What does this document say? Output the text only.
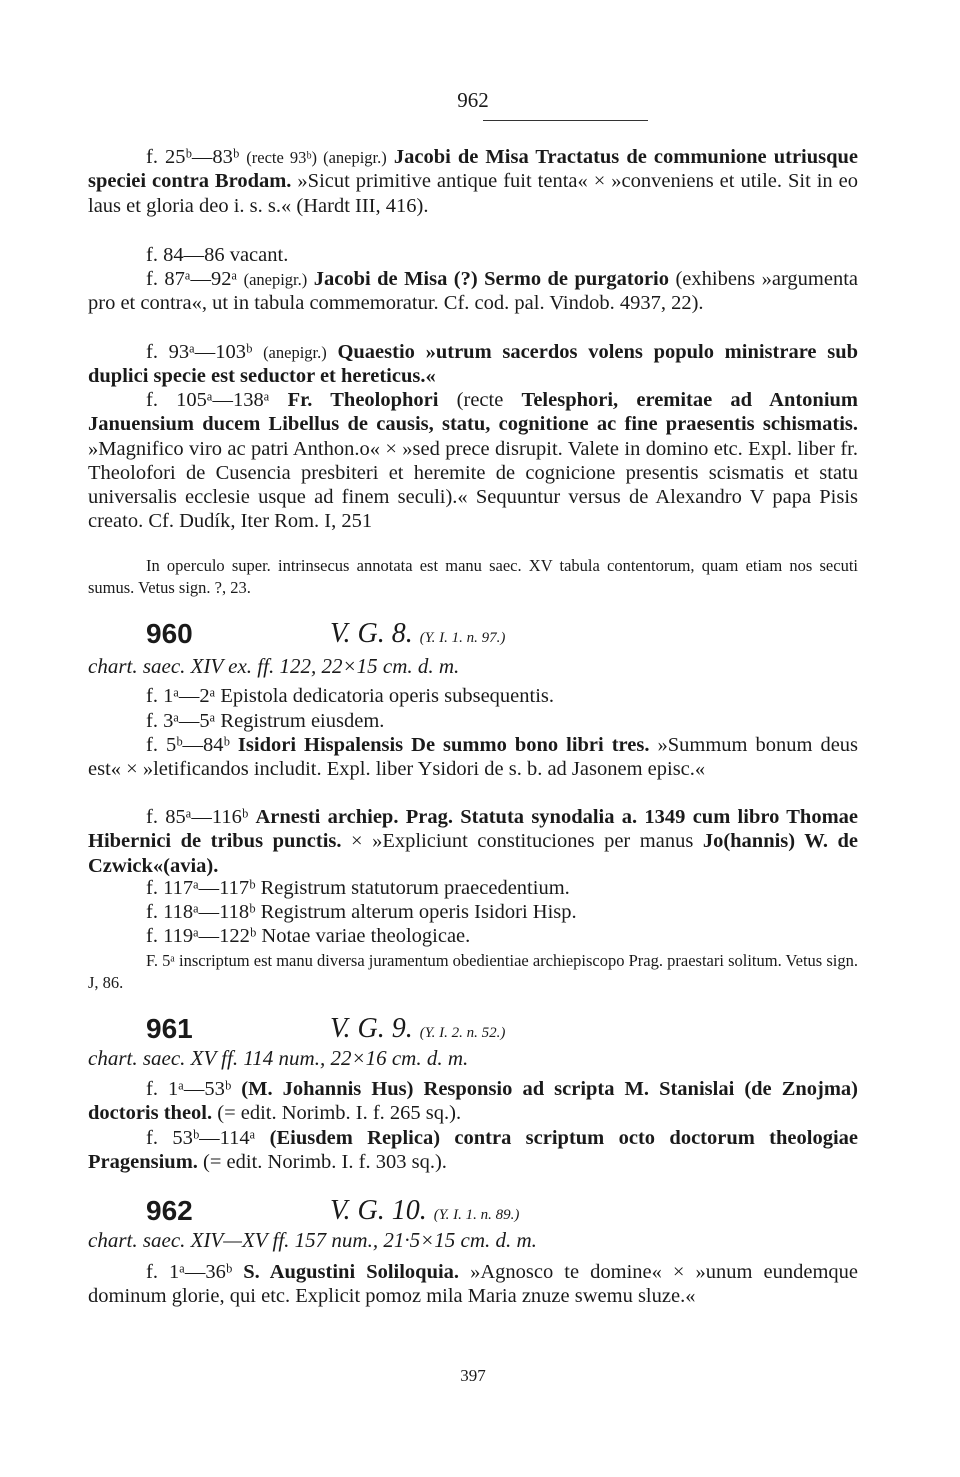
962
f. 25ᵇ—83ᵇ (recte 93ᵇ) (anepigr.) Jacobi de Misa Tractatus de communione utriusque speciei contra Brodam. »Sicut primitive antique fuit tenta« × »conveniens et utile. Sit in eo laus et gloria deo i. s. s.« (Hardt III, 416).
f. 84—86 vacant.
f. 87ᵃ—92ᵃ (anepigr.) Jacobi de Misa (?) Sermo de purgatorio (exhibens »argumenta pro et contra«, ut in tabula commemoratur. Cf. cod. pal. Vindob. 4937, 22).
f. 93ᵃ—103ᵇ (anepigr.) Quaestio »utrum sacerdos volens populo ministrare sub duplici specie est seductor et hereticus.«
f. 105ᵃ—138ᵃ Fr. Theolophori (recte Telesphori, eremitae ad Antonium Januensium ducem Libellus de causis, statu, cognitione ac fine praesentis schismatis. »Magnifico viro ac patri Anthon.o« × »sed prece disrupit. Valete in domino etc. Expl. liber fr. Theolofori de Cusencia presbiteri et heremite de cognicione presentis scismatis et statu universalis ecclesie usque ad finem seculi).« Sequuntur versus de Alexandro V papa Pisis creato. Cf. Dudík, Iter Rom. I, 251
In operculo super. intrinsecus annotata est manu saec. XV tabula contentorum, quam etiam nos secuti sumus. Vetus sign. ?, 23.
960	V. G. 8. (Y. I. 1. n. 97.)
chart. saec. XIV ex. ff. 122, 22×15 cm. d. m.
f. 1ᵃ—2ᵃ Epistola dedicatoria operis subsequentis.
f. 3ᵃ—5ᵃ Registrum eiusdem.
f. 5ᵇ—84ᵇ Isidori Hispalensis De summo bono libri tres. »Summum bonum deus est« × »letificandos includit. Expl. liber Ysidori de s. b. ad Jasonem episc.«
f. 85ᵃ—116ᵇ Arnesti archiep. Prag. Statuta synodalia a. 1349 cum libro Thomae Hibernici de tribus punctis. × »Expliciunt constituciones per manus Jo(hannis) W. de Czwick«(avia).
f. 117ᵃ—117ᵇ Registrum statutorum praecedentium.
f. 118ᵃ—118ᵇ Registrum alterum operis Isidori Hisp.
f. 119ᵃ—122ᵇ Notae variae theologicae.
F. 5ᵃ inscriptum est manu diversa juramentum obedientiae archiepiscopo Prag. praestari solitum. Vetus sign. J, 86.
961	V. G. 9. (Y. I. 2. n. 52.)
chart. saec. XV ff. 114 num., 22×16 cm. d. m.
f. 1ᵃ—53ᵇ (M. Johannis Hus) Responsio ad scripta M. Stanislai (de Znojma) doctoris theol. (= edit. Norimb. I. f. 265 sq.).
f. 53ᵇ—114ᵃ (Eiusdem Replica) contra scriptum octo doctorum theologiae Pragensium. (= edit. Norimb. I. f. 303 sq.).
962	V. G. 10. (Y. I. 1. n. 89.)
chart. saec. XIV—XV ff. 157 num., 21·5×15 cm. d. m.
f. 1ᵃ—36ᵇ S. Augustini Soliloquia. »Agnosco te domine« × »unum eundemque dominum glorie, qui etc. Explicit pomoz mila Maria znuze swemu sluze.«
397
